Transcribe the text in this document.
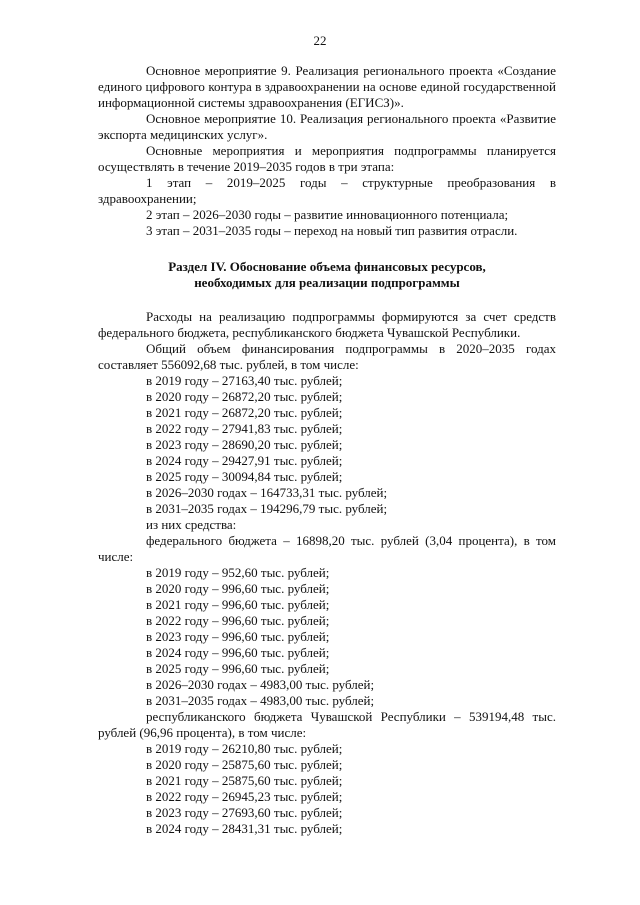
22

Основное мероприятие 9. Реализация регионального проекта «Создание единого цифрового контура в здравоохранении на основе единой государственной информационной системы здравоохранения (ЕГИСЗ)».

Основное мероприятие 10. Реализация регионального проекта «Развитие экспорта медицинских услуг».

Основные мероприятия и мероприятия подпрограммы планируется осуществлять в течение 2019–2035 годов в три этапа:

1 этап – 2019–2025 годы – структурные преобразования в здравоохранении;

2 этап – 2026–2030 годы – развитие инновационного потенциала;

3 этап – 2031–2035 годы – переход на новый тип развития отрасли.

Раздел IV. Обоснование объема финансовых ресурсов,
необходимых для реализации подпрограммы

Расходы на реализацию подпрограммы формируются за счет средств федерального бюджета, республиканского бюджета Чувашской Республики.

Общий объем финансирования подпрограммы в 2020–2035 годах составляет 556092,68 тыс. рублей, в том числе:

в 2019 году – 27163,40 тыс. рублей;

в 2020 году – 26872,20 тыс. рублей;

в 2021 году – 26872,20 тыс. рублей;

в 2022 году – 27941,83 тыс. рублей;

в 2023 году – 28690,20 тыс. рублей;

в 2024 году – 29427,91 тыс. рублей;

в 2025 году – 30094,84 тыс. рублей;

в 2026–2030 годах – 164733,31 тыс. рублей;

в 2031–2035 годах – 194296,79 тыс. рублей;

из них средства:

федерального бюджета – 16898,20 тыс. рублей (3,04 процента), в том числе:

в 2019 году – 952,60 тыс. рублей;

в 2020 году – 996,60 тыс. рублей;

в 2021 году – 996,60 тыс. рублей;

в 2022 году – 996,60 тыс. рублей;

в 2023 году – 996,60 тыс. рублей;

в 2024 году – 996,60 тыс. рублей;

в 2025 году – 996,60 тыс. рублей;

в 2026–2030 годах – 4983,00 тыс. рублей;

в 2031–2035 годах – 4983,00 тыс. рублей;

республиканского бюджета Чувашской Республики – 539194,48 тыс. рублей (96,96 процента), в том числе:

в 2019 году – 26210,80 тыс. рублей;

в 2020 году – 25875,60 тыс. рублей;

в 2021 году – 25875,60 тыс. рублей;

в 2022 году – 26945,23 тыс. рублей;

в 2023 году – 27693,60 тыс. рублей;

в 2024 году – 28431,31 тыс. рублей;
